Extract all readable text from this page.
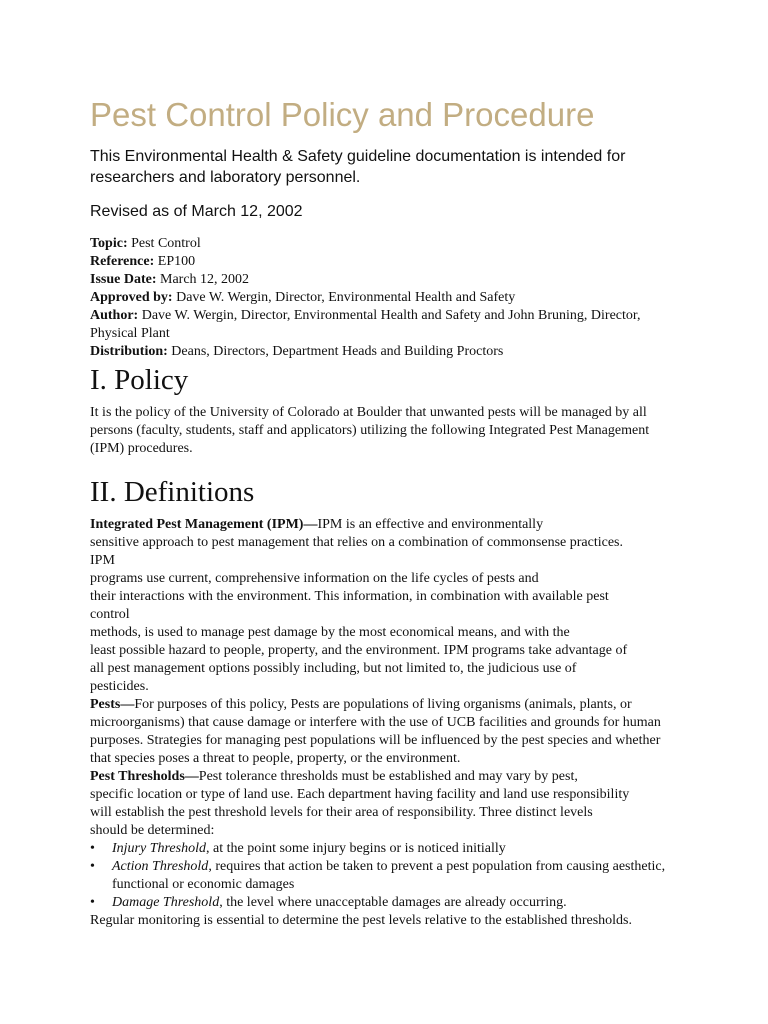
Pest Control Policy and Procedure

This Environmental Health & Safety guideline documentation is intended for researchers and laboratory personnel.

Revised as of March 12, 2002

Topic: Pest Control
Reference: EP100
Issue Date: March 12, 2002
Approved by: Dave W. Wergin, Director, Environmental Health and Safety
Author: Dave W. Wergin, Director, Environmental Health and Safety and John Bruning, Director, Physical Plant
Distribution: Deans, Directors, Department Heads and Building Proctors
I. Policy

It is the policy of the University of Colorado at Boulder that unwanted pests will be managed by all persons (faculty, students, staff and applicators) utilizing the following Integrated Pest Management (IPM) procedures.

II. Definitions
Integrated Pest Management (IPM)—IPM is an effective and environmentally
sensitive approach to pest management that relies on a combination of commonsense practices.
IPM
programs use current, comprehensive information on the life cycles of pests and
their interactions with the environment. This information, in combination with available pest
control
methods, is used to manage pest damage by the most economical means, and with the
least possible hazard to people, property, and the environment. IPM programs take advantage of
all pest management options possibly including, but not limited to, the judicious use of
pesticides.
Pests—For purposes of this policy, Pests are populations of living organisms (animals, plants, or microorganisms) that cause damage or interfere with the use of UCB facilities and grounds for human purposes. Strategies for managing pest populations will be influenced by the pest species and whether that species poses a threat to people, property, or the environment.
Pest Thresholds—Pest tolerance thresholds must be established and may vary by pest,
specific location or type of land use. Each department having facility and land use responsibility
will establish the pest threshold levels for their area of responsibility. Three distinct levels
should be determined:
• Injury Threshold, at the point some injury begins or is noticed initially
• Action Threshold, requires that action be taken to prevent a pest population from causing aesthetic, functional or economic damages
• Damage Threshold, the level where unacceptable damages are already occurring.
Regular monitoring is essential to determine the pest levels relative to the established thresholds.
